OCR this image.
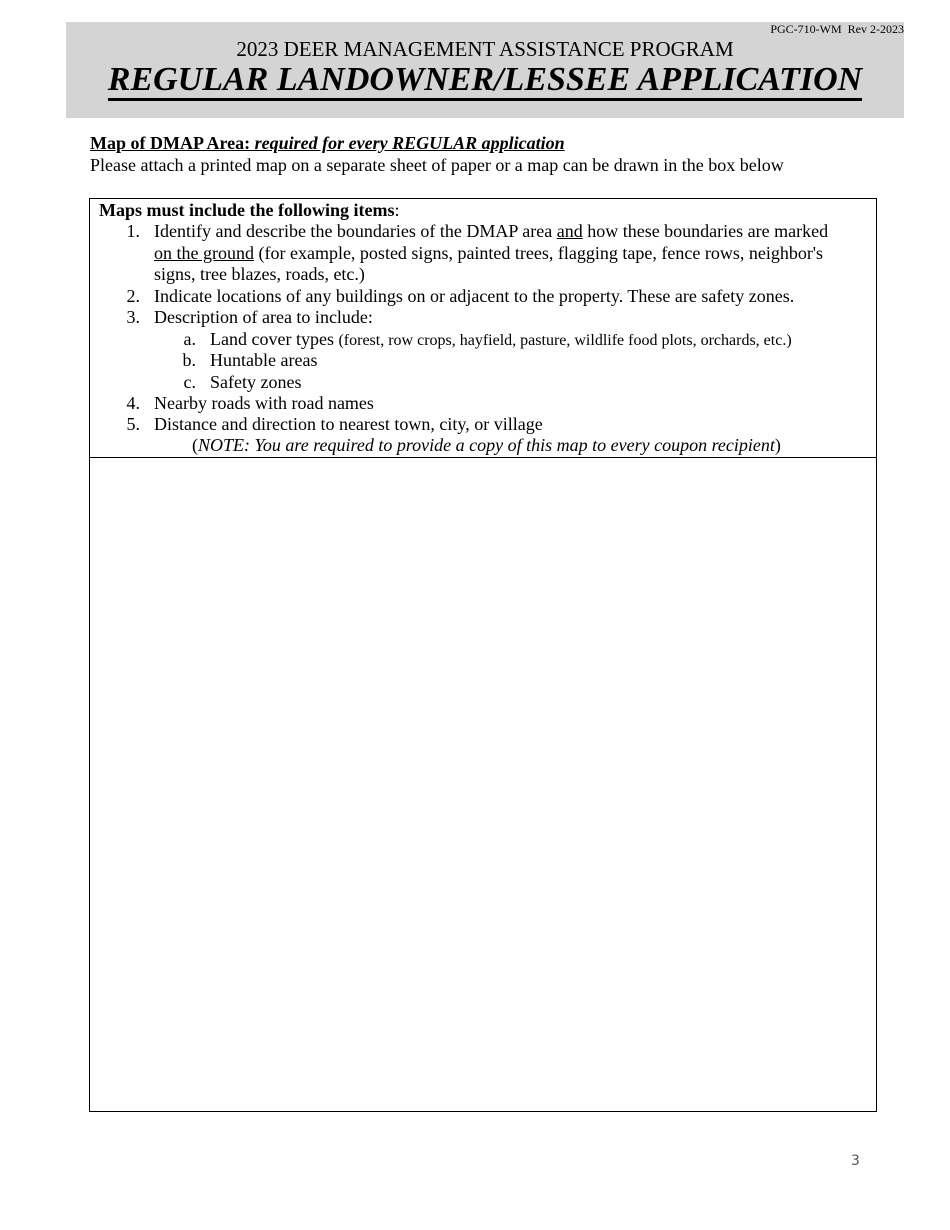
PGC-710-WM  Rev 2-2023
2023 DEER MANAGEMENT ASSISTANCE PROGRAM
REGULAR LANDOWNER/LESSEE APPLICATION
Map of DMAP Area: required for every REGULAR application
Please attach a printed map on a separate sheet of paper or a map can be drawn in the box below
Maps must include the following items:
1. Identify and describe the boundaries of the DMAP area and how these boundaries are marked
on the ground (for example, posted signs, painted trees, flagging tape, fence rows, neighbor's
signs, tree blazes, roads, etc.)
2. Indicate locations of any buildings on or adjacent to the property. These are safety zones.
3. Description of area to include:
a. Land cover types (forest, row crops, hayfield, pasture, wildlife food plots, orchards, etc.)
b. Huntable areas
c. Safety zones
4. Nearby roads with road names
5. Distance and direction to nearest town, city, or village
(NOTE: You are required to provide a copy of this map to every coupon recipient)
3
